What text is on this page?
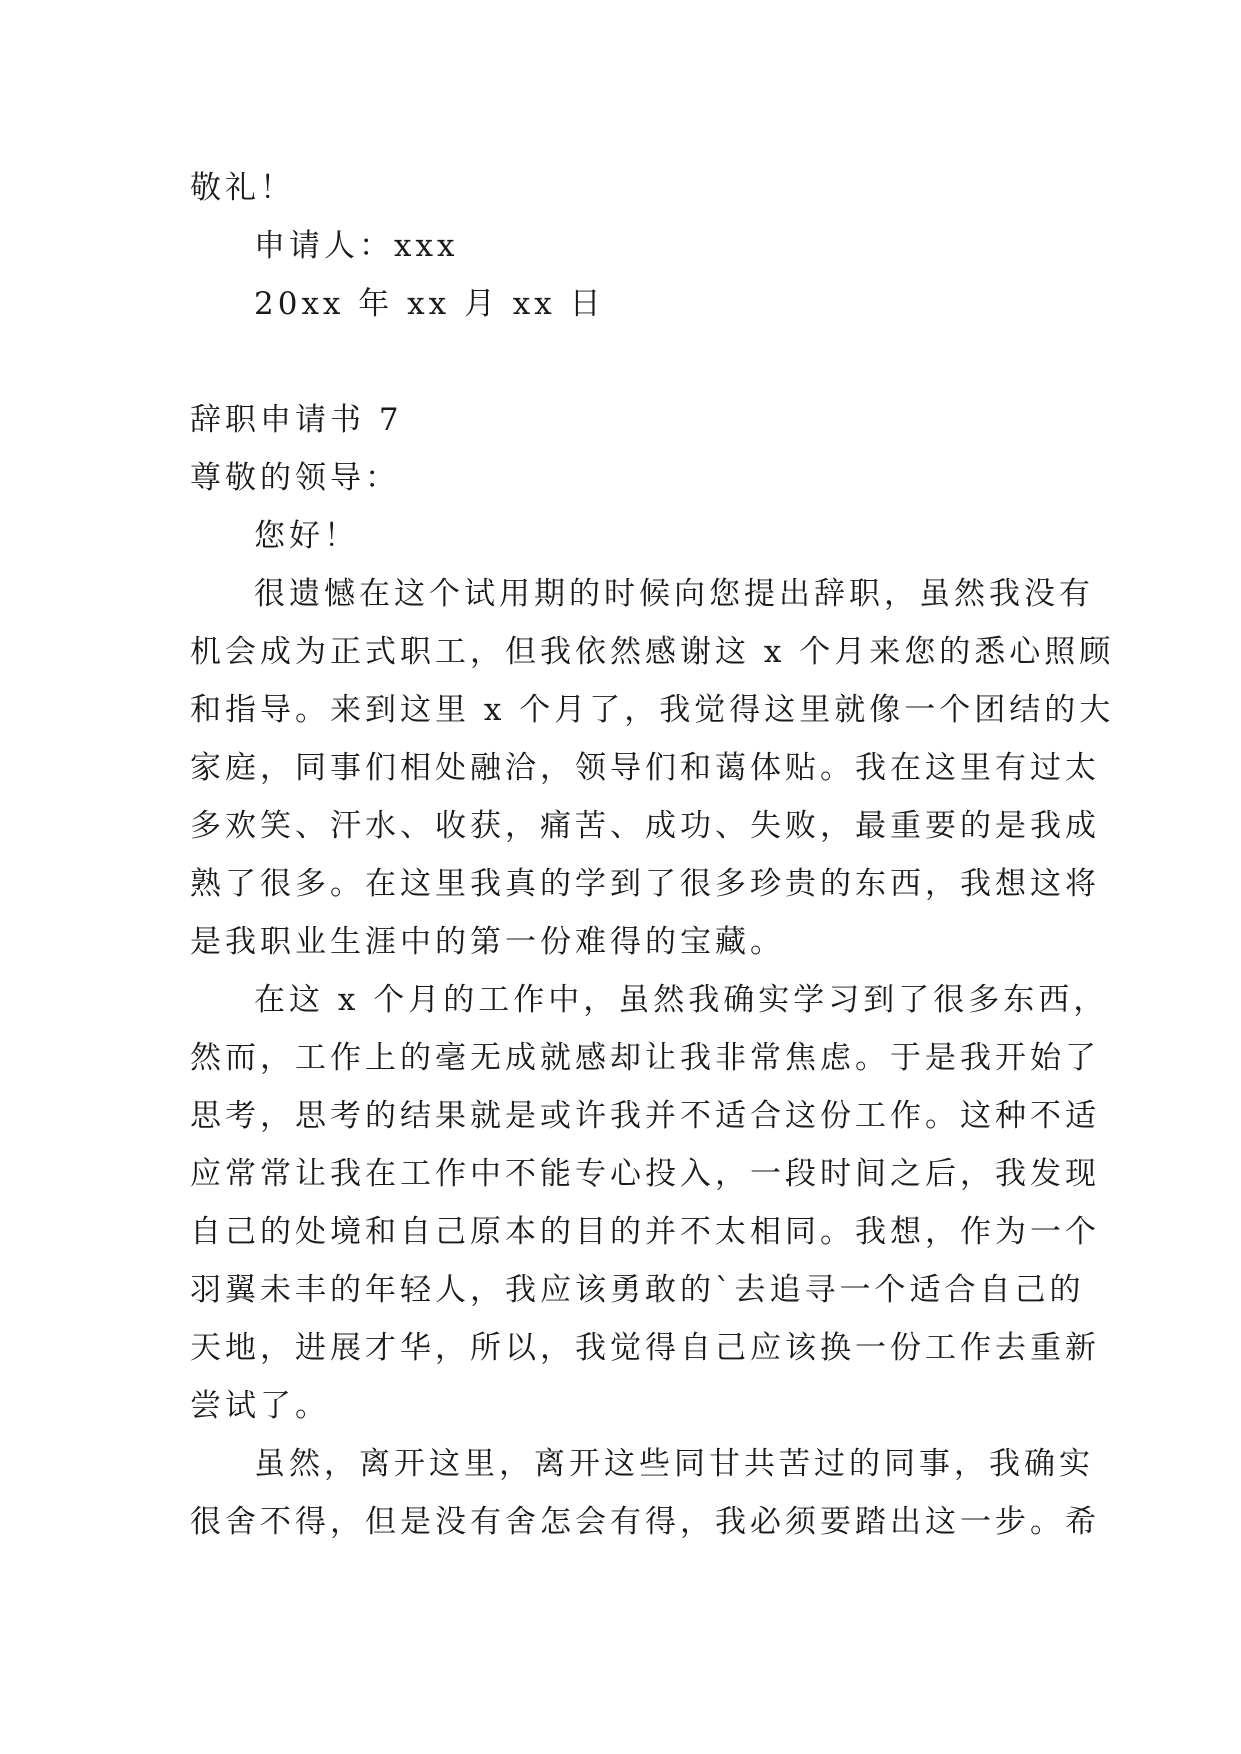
敬礼！
申请人：xxx
20xx 年 xx 月 xx 日
辞职申请书 7
尊敬的领导：
您好！
很遗憾在这个试用期的时候向您提出辞职，虽然我没有
机会成为正式职工，但我依然感谢这 x 个月来您的悉心照顾
和指导。来到这里 x 个月了，我觉得这里就像一个团结的大
家庭，同事们相处融洽，领导们和蔼体贴。我在这里有过太
多欢笑、汗水、收获，痛苦、成功、失败，最重要的是我成
熟了很多。在这里我真的学到了很多珍贵的东西，我想这将
是我职业生涯中的第一份难得的宝藏。
在这 x 个月的工作中，虽然我确实学习到了很多东西，
然而，工作上的毫无成就感却让我非常焦虑。于是我开始了
思考，思考的结果就是或许我并不适合这份工作。这种不适
应常常让我在工作中不能专心投入，一段时间之后，我发现
自己的处境和自己原本的目的并不太相同。我想，作为一个
羽翼未丰的年轻人，我应该勇敢的`去追寻一个适合自己的
天地，进展才华，所以，我觉得自己应该换一份工作去重新
尝试了。
虽然，离开这里，离开这些同甘共苦过的同事，我确实
很舍不得，但是没有舍怎会有得，我必须要踏出这一步。希
